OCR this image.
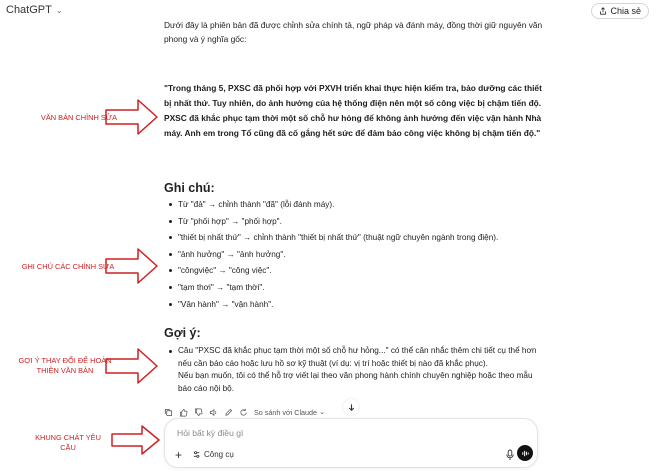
ChatGPT ⌄	Chia sẻ
Dưới đây là phiên bản đã được chỉnh sửa chính tả, ngữ pháp và đánh máy, đồng thời giữ nguyên văn phong và ý nghĩa gốc:
"Trong tháng 5, PXSC đã phối hợp với PXVH triển khai thực hiện kiểm tra, bảo dưỡng các thiết bị nhất thứ. Tuy nhiên, do ảnh hưởng của hệ thống điện nên một số công việc bị chậm tiến độ. PXSC đã khắc phục tạm thời một số chỗ hư hỏng để không ảnh hưởng đến việc vận hành Nhà máy. Anh em trong Tổ cũng đã cố gắng hết sức để đảm bảo công việc không bị chậm tiến độ."
Ghi chú:
Từ "đả" → chỉnh thành "đã" (lỗi đánh máy).
Từ "phối hợp" → "phối hợp".
"thiết bị nhất thứ" → chỉnh thành "thiết bị nhất thứ" (thuật ngữ chuyên ngành trong điện).
"ảnh hưởng" → "ảnh hưởng".
"côngviệc" → "công việc".
"tạm thơi" → "tạm thời".
"Vân hành" → "vận hành".
Gợi ý:
Câu "PXSC đã khắc phục tạm thời một số chỗ hư hỏng..." có thể cân nhắc thêm chi tiết cụ thể hơn nếu cần báo cáo hoặc lưu hồ sơ kỹ thuật (ví dụ: vị trí hoặc thiết bị nào đã khắc phục).
Nếu bạn muốn, tôi có thể hỗ trợ viết lại theo văn phong hành chính chuyên nghiệp hoặc theo mẫu báo cáo nội bộ.
So sánh với Claude ⌄
Hỏi bất kỳ điều gì
+	Công cụ
VĂN BẢN CHỈNH SỬA
GHI CHÚ CÁC CHỈNH SỬA
GỢI Ý THAY ĐỔI ĐỂ HOÀN
THIỆN VĂN BẢN
KHUNG CHÁT YÊU CẦU
